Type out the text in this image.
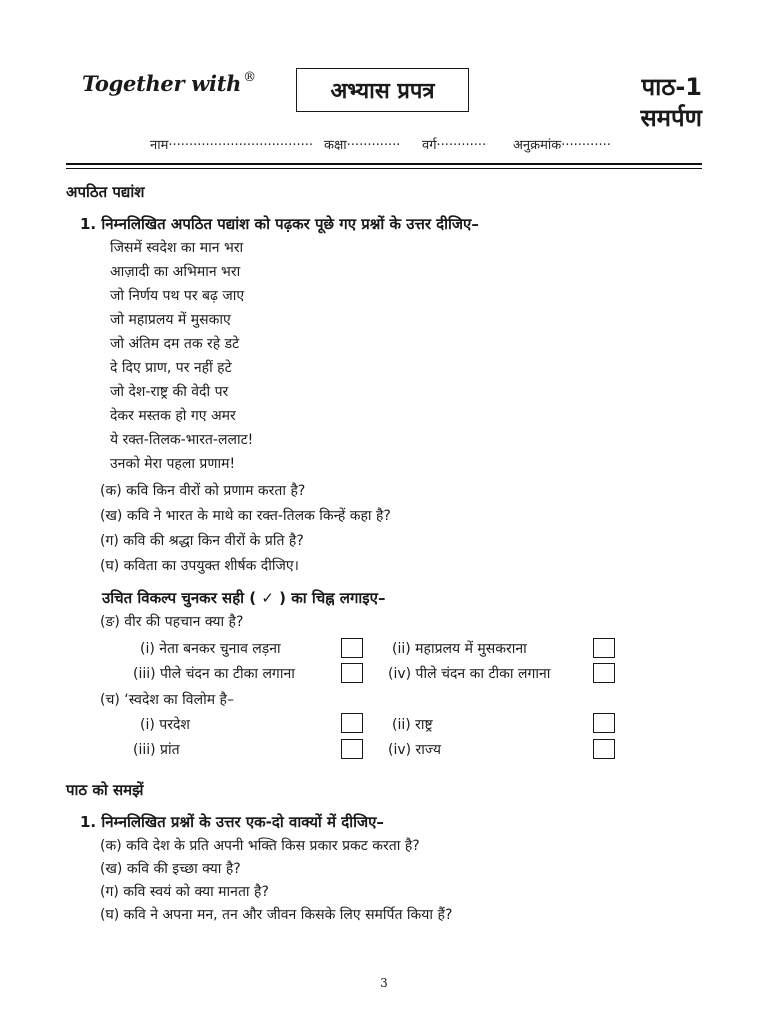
Together with ®
अभ्यास प्रपत्र	पाठ-1
समर्पण
नाम··································· कक्षा············· वर्ग············ अनुक्रमांक············
अपठित पद्यांश
1. निम्नलिखित अपठित पद्यांश को पढ़कर पूछे गए प्रश्नों के उत्तर दीजिए–
जिसमें स्वदेश का मान भरा
आज़ादी का अभिमान भरा
जो निर्णय पथ पर बढ़ जाए
जो महाप्रलय में मुसकाए
जो अंतिम दम तक रहे डटे
दे दिए प्राण, पर नहीं हटे
जो देश-राष्ट्र की वेदी पर
देकर मस्तक हो गए अमर
ये रक्त-तिलक-भारत-ललाट!
उनको मेरा पहला प्रणाम!
(क) कवि किन वीरों को प्रणाम करता है?
(ख) कवि ने भारत के माथे का रक्त-तिलक किन्हें कहा है?
(ग) कवि की श्रद्धा किन वीरों के प्रति है?
(घ) कविता का उपयुक्त शीर्षक दीजिए।
उचित विकल्प चुनकर सही ( ✓ ) का चिह्न लगाइए–
(ङ) वीर की पहचान क्या है?
(i) नेता बनकर चुनाव लड़ना	(ii) महाप्रलय में मुसकराना
(iii) पीले चंदन का टीका लगाना	(iv) पीले चंदन का टीका लगाना
(च) ‘स्वदेश का विलोम है–
(i) परदेश	(ii) राष्ट्र
(iii) प्रांत	(iv) राज्य
पाठ को समझें
1. निम्नलिखित प्रश्नों के उत्तर एक-दो वाक्यों में दीजिए–
(क) कवि देश के प्रति अपनी भक्ति किस प्रकार प्रकट करता है?
(ख) कवि की इच्छा क्या है?
(ग) कवि स्वयं को क्या मानता है?
(घ) कवि ने अपना मन, तन और जीवन किसके लिए समर्पित किया हैं?
3
